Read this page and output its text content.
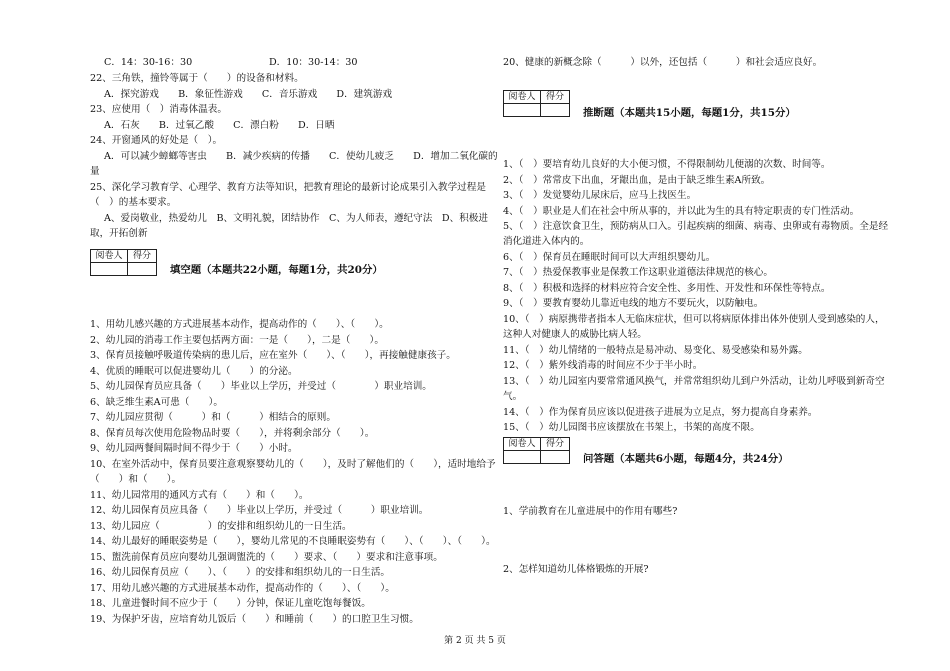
C．14：30-16：30　　　　　　　　D．10：30-14：30
22、三角铁，撞铃等属于（　　）的设备和材料。
A．探究游戏　　B．象征性游戏　　C．音乐游戏　　D．建筑游戏
23、应使用（　）消毒体温表。
A．石灰　　B．过氧乙酸　　C．漂白粉　　D．日晒
24、开窗通风的好处是（　）。
A．可以减少蟑螂等害虫　　B．减少疾病的传播　　C．使幼儿疲乏　　D．增加二氧化碳的
量
25、深化学习教育学、心理学、教育方法等知识，把教育理论的最新讨论成果引入教学过程是
（　）的基本要求。
A、爱岗敬业，热爱幼儿　B、文明礼貌，团结协作　C、为人师表，遵纪守法　D、积极进
取，开拓创新
阅卷人	得分

填空题（本题共22小题，每题1分，共20分）
1、用幼儿感兴趣的方式进展基本动作，提高动作的（　　）、（　　）。
2、幼儿园的消毒工作主要包括两方面：一是（　　），二是（　　）。
3、保育员接触呼吸道传染病的患儿后，应在室外（　　）、（　　），再接触健康孩子。
4、优质的睡眠可以促进婴幼儿（　　）的分泌。
5、幼儿园保育员应具备（　　）毕业以上学历，并受过（　　　　）职业培训。
6、缺乏维生素A可患（　　）。
7、幼儿园应贯彻（　　　）和（　　　）相结合的原则。
8、保育员每次使用危险物品时要（　　），并将剩余部分（　　）。
9、幼儿园两餐间隔时间不得少于（　　）小时。
10、在室外活动中，保育员要注意观察婴幼儿的（　　），及时了解他们的（　　），适时地给予
（　　）和（　　）。
11、幼儿园常用的通风方式有（　　）和（　　）。
12、幼儿园保育员应具备（　　）毕业以上学历，并受过（　　　）职业培训。
13、幼儿园应（　　　　　）的安排和组织幼儿的一日生活。
14、幼儿最好的睡眠姿势是（　　），婴幼儿常见的不良睡眠姿势有（　　）、（　　）、（　　）。
15、盥洗前保育员应向婴幼儿强调盥洗的（　　）要求、（　　）要求和注意事项。
16、幼儿园保育员应（　　）、（　　）的安排和组织幼儿的一日生活。
17、用幼儿感兴趣的方式进展基本动作，提高动作的（　　）、（　　）。
18、儿童进餐时间不应少于（　　）分钟，保证儿童吃饱每餐饭。
19、为保护牙齿，应培育幼儿饭后（　　）和睡前（　　）的口腔卫生习惯。
20、健康的新概念除（　　　）以外，还包括（　　　）和社会适应良好。
阅卷人	得分

推断题（本题共15小题，每题1分，共15分）
1、（　）要培育幼儿良好的大小便习惯，不得限制幼儿便溺的次数、时间等。
2、（　）常常皮下出血，牙龈出血，是由于缺乏维生素A所致。
3、（　）发觉婴幼儿尿床后，应马上找医生。
4、（　）职业是人们在社会中所从事的，并以此为生的具有特定职责的专门性活动。
5、（　）注意饮食卫生，预防病从口入。引起疾病的细菌、病毒、虫卵或有毒物质。全是经
消化道进入体内的。
6、（　）保育员在睡眠时间可以大声组织婴幼儿。
7、（　）热爱保教事业是保教工作这职业道德法律规范的核心。
8、（　）积极和选择的材料应符合安全性、多用性、开发性和环保性等特点。
9、（　）要教育婴幼儿靠近电线的地方不要玩火，以防触电。
10、（　）病原携带者指本人无临床症状，但可以将病原体排出体外使别人受到感染的人，
这种人对健康人的威胁比病人轻。
11、（　）幼儿情绪的一般特点是易冲动、易变化、易受感染和易外露。
12、（　）紫外线消毒的时间应不少于半小时。
13、（　）幼儿园室内要常常通风换气，并常常组织幼儿到户外活动，让幼儿呼吸到新奇空
气。
14、（　）作为保育员应该以促进孩子进展为立足点，努力提高自身素养。
15、（　）幼儿园图书应该摆放在书架上，书架的高度不限。
阅卷人	得分

问答题（本题共6小题，每题4分，共24分）
1、学前教育在儿童进展中的作用有哪些?
2、怎样知道幼儿体格锻炼的开展?
第 2 页 共 5 页
